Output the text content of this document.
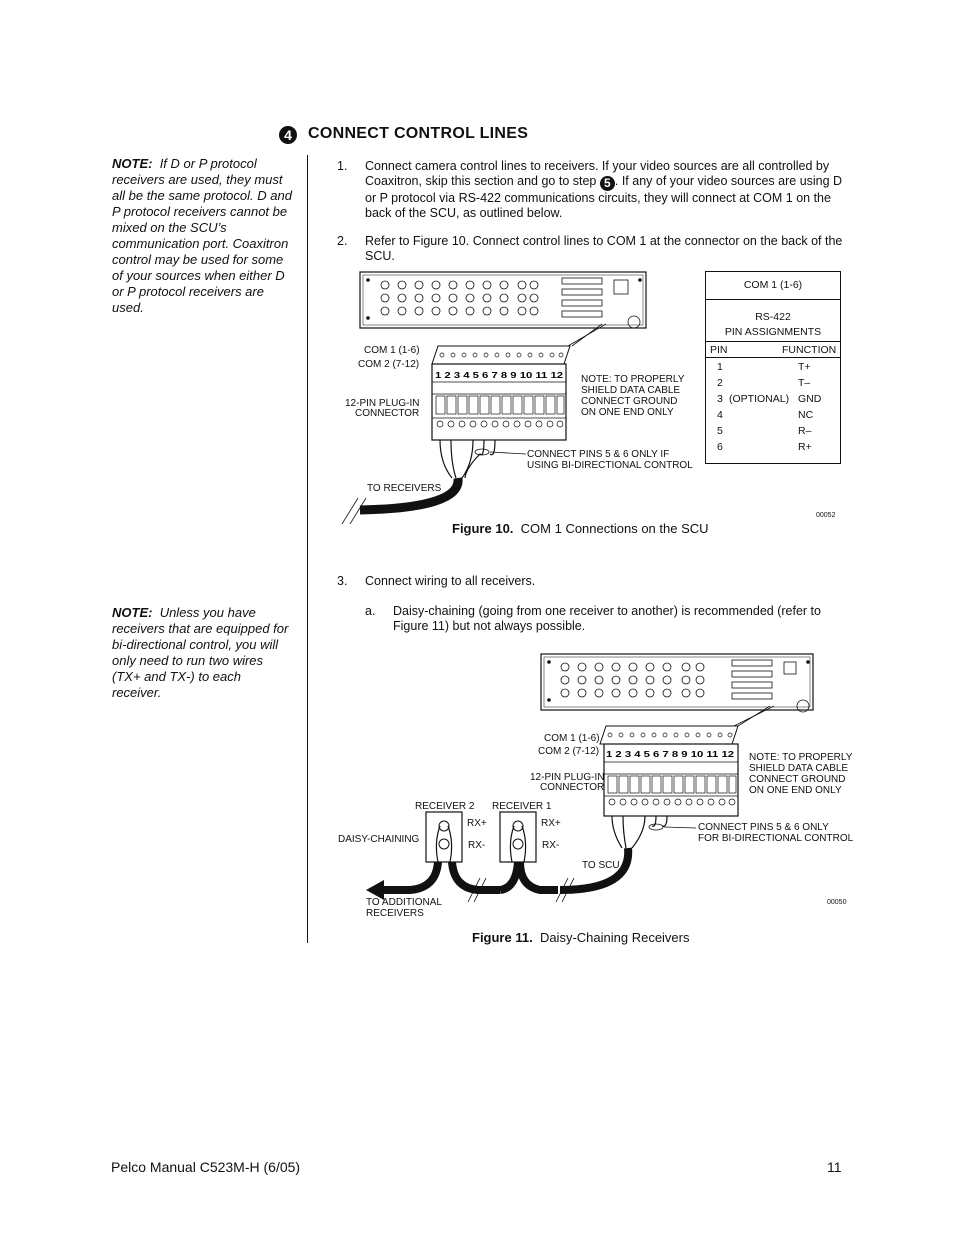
4	CONNECT CONTROL LINES
NOTE: If D or P protocol receivers are used, they must all be the same protocol. D and P protocol receivers cannot be mixed on the SCU’s communication port. Coaxitron control may be used for some of your sources when either D or P protocol receivers are used.
NOTE: Unless you have receivers that are equipped for bi-directional control, you will only need to run two wires (TX+ and TX-) to each receiver.
1. Connect camera control lines to receivers. If your video sources are all controlled by Coaxitron, skip this section and go to step 5 . If any of your video sources are using D or P protocol via RS-422 communications circuits, they will connect at COM 1 on the back of the SCU, as outlined below.
2. Refer to Figure 10. Connect control lines to COM 1 at the connector on the back of the SCU.
1 2 3 4 5 6 7 8 9 10 11 12
COM 1 (1-6)
COM 2 (7-12)
12-PIN PLUG-IN
CONNECTOR
NOTE: TO PROPERLY
SHIELD DATA CABLE
CONNECT GROUND
ON ONE END ONLY
CONNECT PINS 5 & 6 ONLY IF
USING BI-DIRECTIONAL CONTROL
TO RECEIVERS
00052
COM 1 (1-6)
RS-422
PIN ASSIGNMENTS
PIN	FUNCTION
1	T+
2	T–
3 (OPTIONAL) GND
4	NC
5	R–
6	R+
Figure 10. COM 1 Connections on the SCU
3. Connect wiring to all receivers.
a. Daisy-chaining (going from one receiver to another) is recommended (refer to Figure 11) but not always possible.
1 2 3 4 5 6 7 8 9 10 11 12
COM 1 (1-6)
COM 2 (7-12)
12-PIN PLUG-IN
CONNECTOR
NOTE: TO PROPERLY
SHIELD DATA CABLE
CONNECT GROUND
ON ONE END ONLY
RECEIVER 2 RECEIVER 1
RX+
RX-
RX+
RX-
CONNECT PINS 5 & 6 ONLY
FOR BI-DIRECTIONAL CONTROL
DAISY-CHAINING
TO SCU
TO ADDITIONAL
RECEIVERS
00050
Figure 11. Daisy-Chaining Receivers
Pelco Manual C523M-H (6/05)	11
